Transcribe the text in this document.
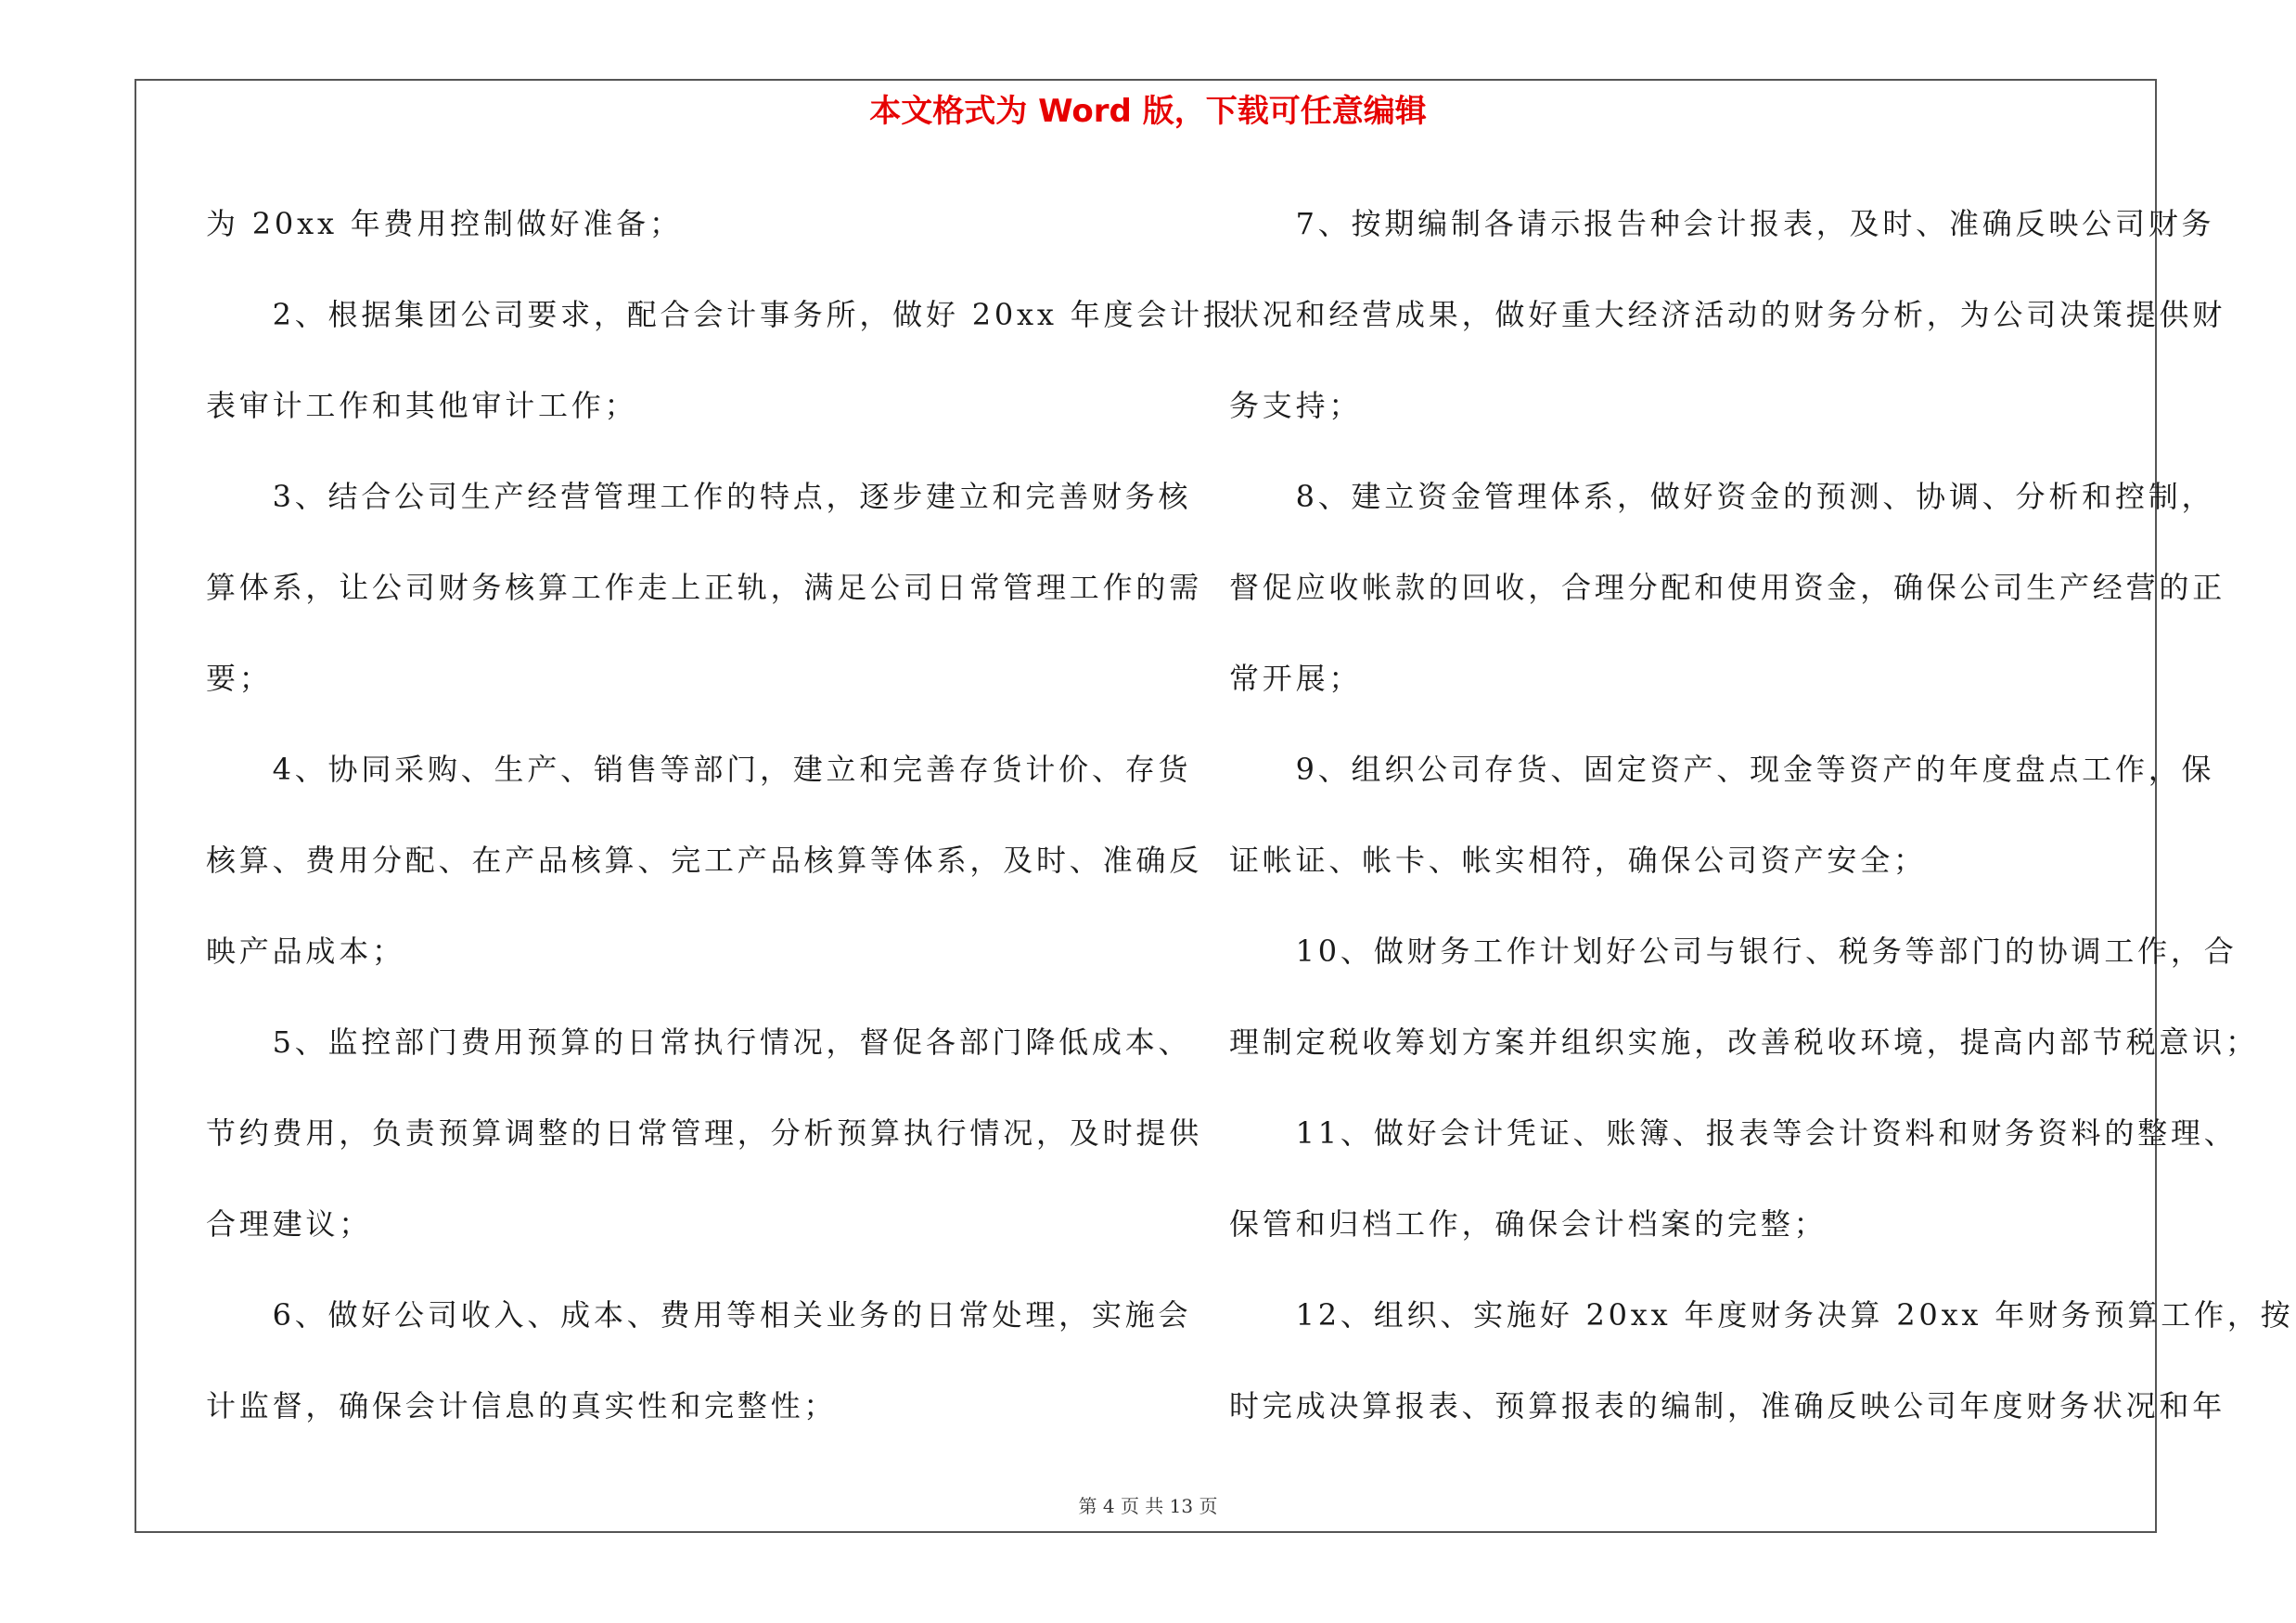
本文格式为 Word 版，下载可任意编辑

为 20xx 年费用控制做好准备；

　　2、根据集团公司要求，配合会计事务所，做好 20xx 年度会计报

表审计工作和其他审计工作；

　　3、结合公司生产经营管理工作的特点，逐步建立和完善财务核

算体系，让公司财务核算工作走上正轨，满足公司日常管理工作的需

要；

　　4、协同采购、生产、销售等部门，建立和完善存货计价、存货

核算、费用分配、在产品核算、完工产品核算等体系，及时、准确反

映产品成本；

　　5、监控部门费用预算的日常执行情况，督促各部门降低成本、

节约费用，负责预算调整的日常管理，分析预算执行情况，及时提供

合理建议；

　　6、做好公司收入、成本、费用等相关业务的日常处理，实施会

计监督，确保会计信息的真实性和完整性；

　　7、按期编制各请示报告种会计报表，及时、准确反映公司财务

状况和经营成果，做好重大经济活动的财务分析，为公司决策提供财

务支持；

　　8、建立资金管理体系，做好资金的预测、协调、分析和控制，

督促应收帐款的回收，合理分配和使用资金，确保公司生产经营的正

常开展；

　　9、组织公司存货、固定资产、现金等资产的年度盘点工作，保

证帐证、帐卡、帐实相符，确保公司资产安全；

　　10、做财务工作计划好公司与银行、税务等部门的协调工作，合

理制定税收筹划方案并组织实施，改善税收环境，提高内部节税意识；

　　11、做好会计凭证、账簿、报表等会计资料和财务资料的整理、

保管和归档工作，确保会计档案的完整；

　　12、组织、实施好 20xx 年度财务决算 20xx 年财务预算工作，按

时完成决算报表、预算报表的编制，准确反映公司年度财务状况和年

第 4 页 共 13 页
